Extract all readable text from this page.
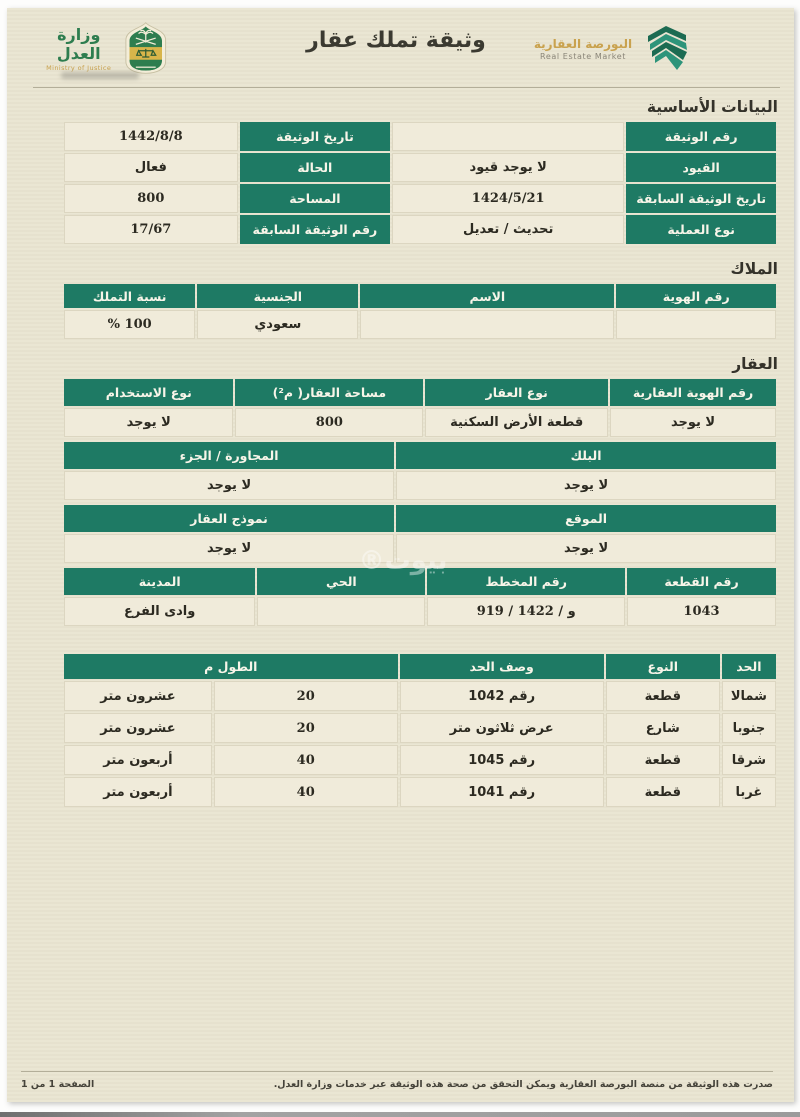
وثيقة تملك عقار	البورصة العقارية
Real Estate Market
وزارة العدل
Ministry of Justice
البيانات الأساسية
رقم الوثيقة		تاريخ الوثيقة	1442/8/8
القيود	لا يوجد قيود	الحالة	فعال
تاريخ الوثيقة السابقة	1424/5/21	المساحة	800
نوع العملية	تحديث / تعديل	رقم الوثيقة السابقة	17/67
الملاك
رقم الهوية	الاسم	الجنسية	نسبة التملك
		سعودي	% 100
العقار
رقم الهوية العقارية	نوع العقار	مساحة العقار( م²)	نوع الاستخدام
لا يوجد	قطعة الأرض السكنية	800	لا يوجد
البلك	المجاورة / الجزء
لا يوجد	لا يوجد
الموقع	نموذج العقار
لا يوجد	لا يوجد
رقم القطعة	رقم المخطط	الحي	المدينة
1043	919 / و / 1422		وادى الفرع
الحد	النوع	وصف الحد	الطول م	
شمالا	قطعة	رقم 1042	20	عشرون متر
جنوبا	شارع	عرض ثلاثون متر	20	عشرون متر
شرقا	قطعة	رقم 1045	40	أربعون متر
غربا	قطعة	رقم 1041	40	أربعون متر
بيوت®
صدرت هذه الوثيقة من منصة البورصة العقارية ويمكن التحقق من صحة هذه الوثيقة عبر خدمات وزارة العدل.
الصفحة 1 من 1
